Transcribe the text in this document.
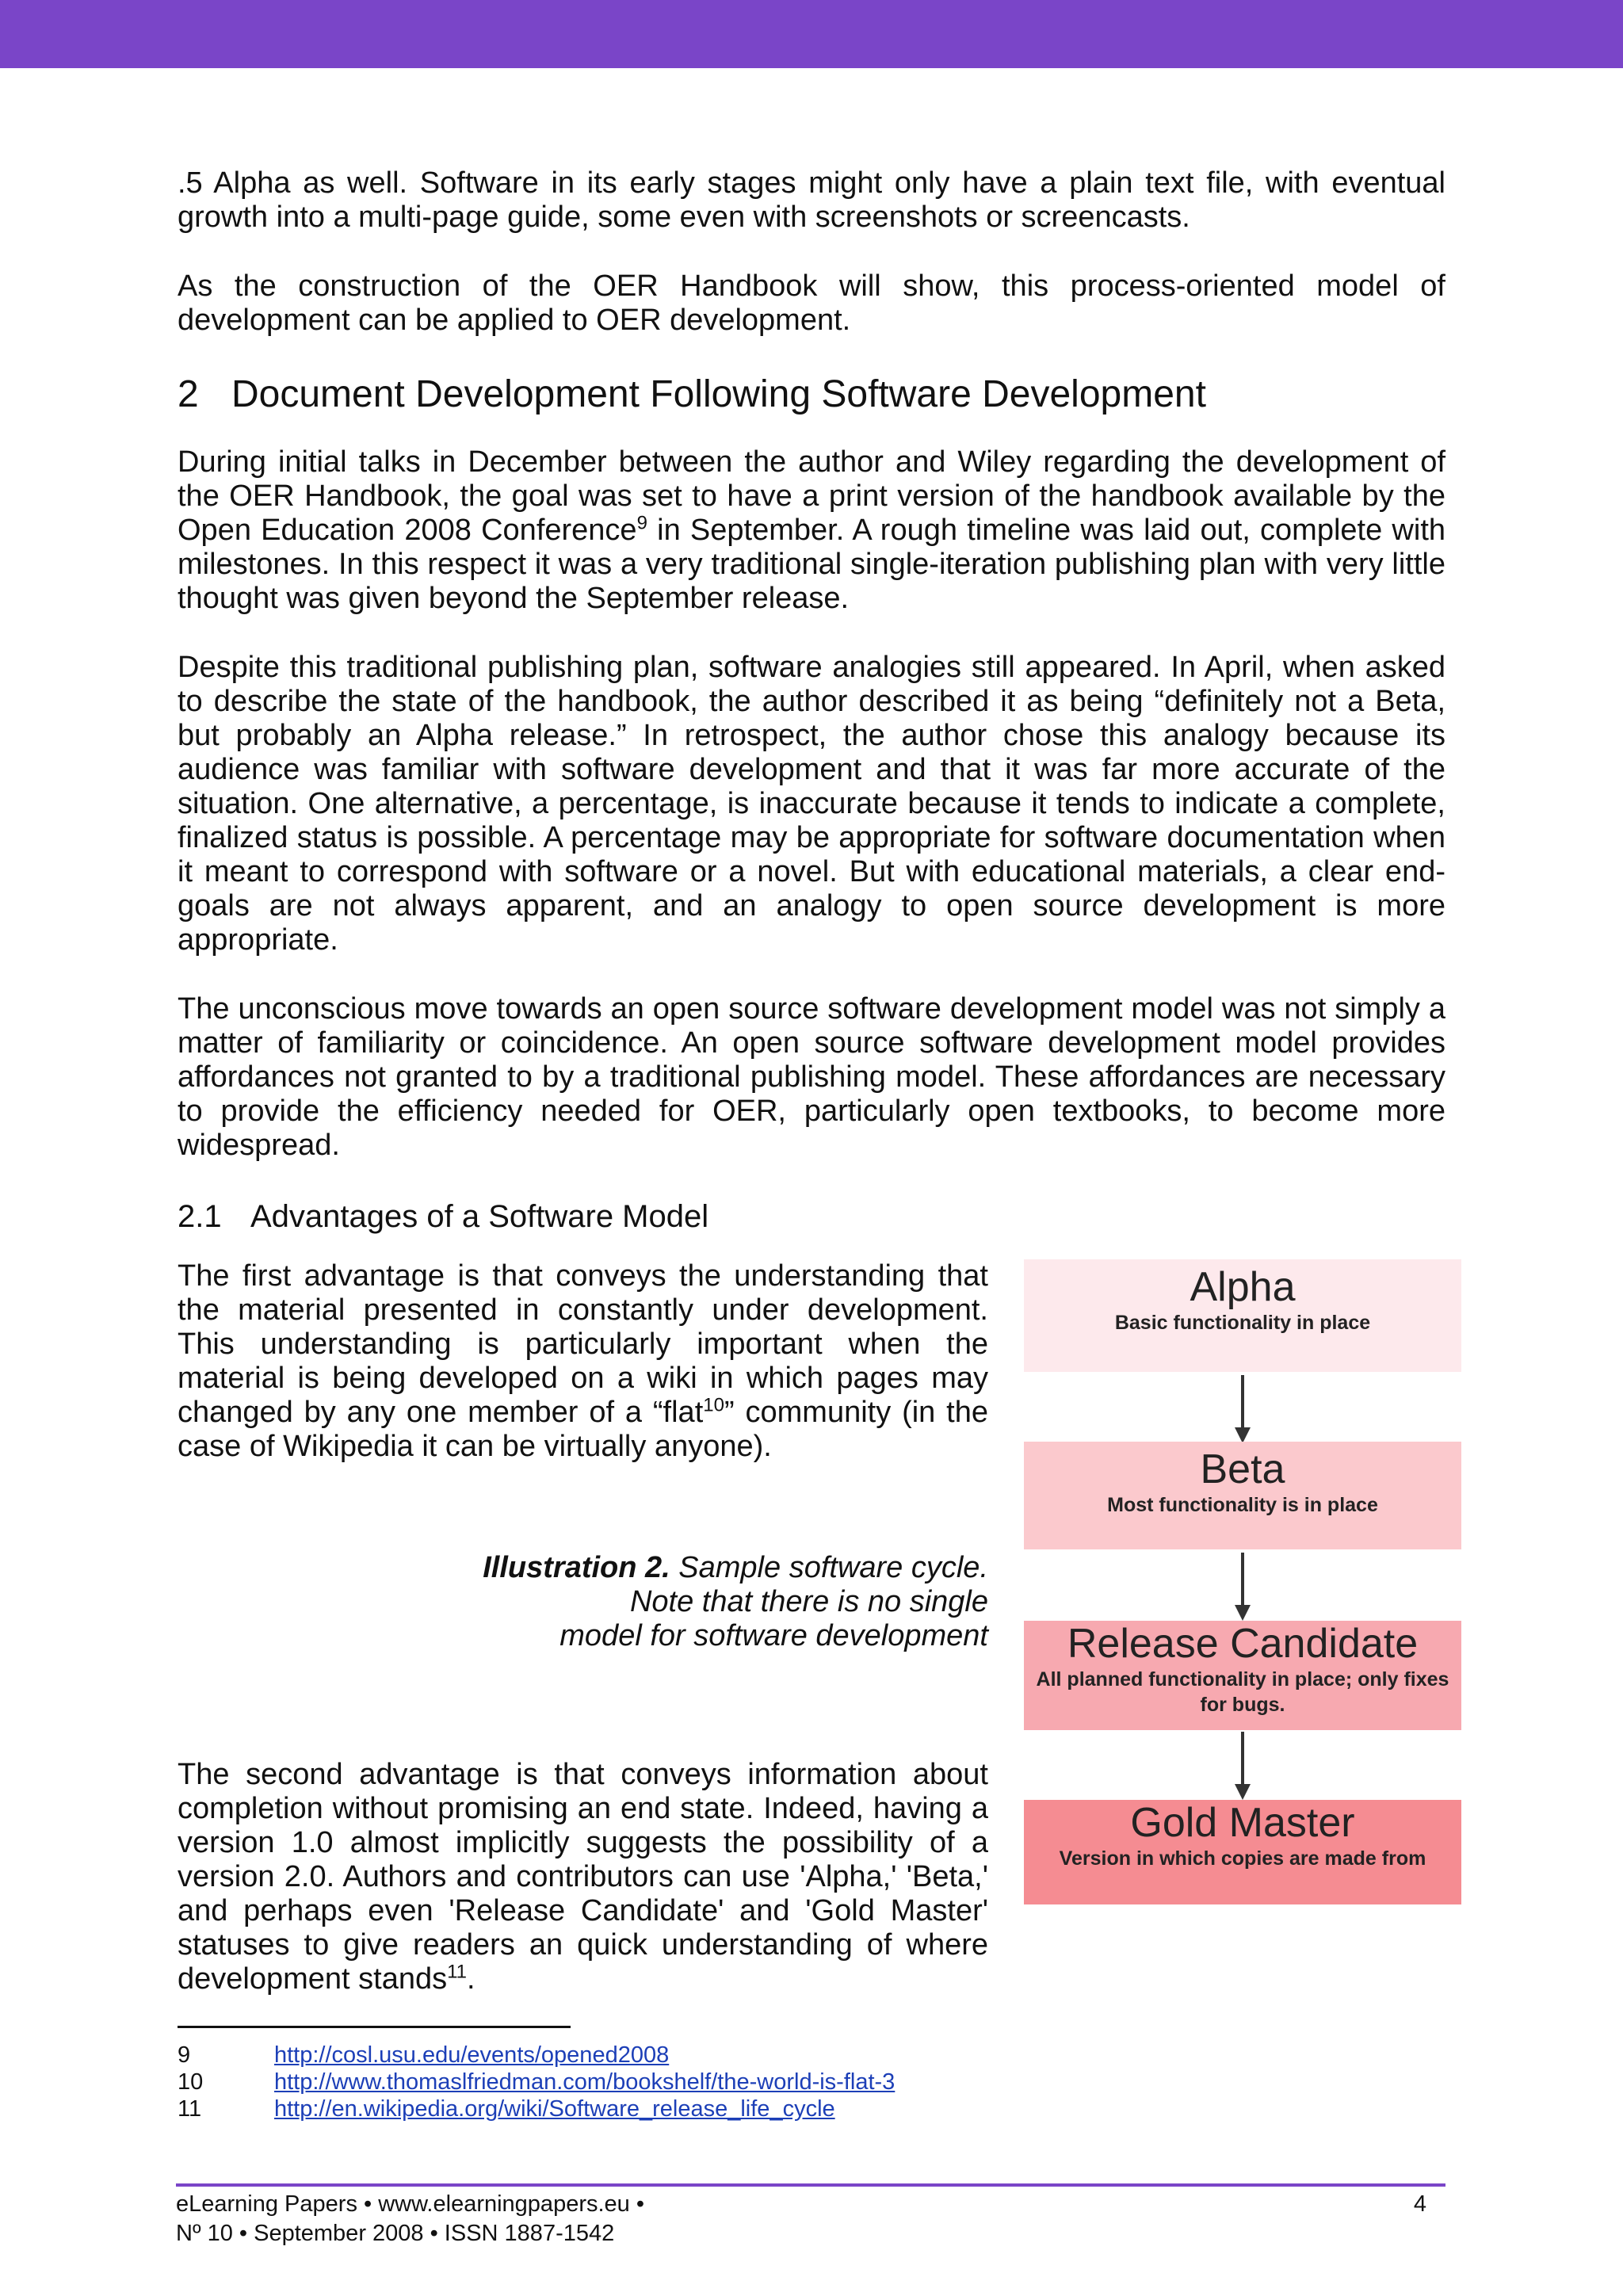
.5 Alpha as well. Software in its early stages might only have a plain text file, with eventual growth into a multi-page guide, some even with screenshots or screencasts.

As the construction of the OER Handbook will show, this process-oriented model of development can be applied to OER development.

2 Document Development Following Software Development

During initial talks in December between the author and Wiley regarding the development of the OER Handbook, the goal was set to have a print version of the handbook available by the Open Education 2008 Conference$^9$ in September. A rough timeline was laid out, complete with milestones. In this respect it was a very traditional single-iteration publishing plan with very little thought was given beyond the September release.

Despite this traditional publishing plan, software analogies still appeared. In April, when asked to describe the state of the handbook, the author described it as being “definitely not a Beta, but probably an Alpha release.” In retrospect, the author chose this analogy because its audience was familiar with software development and that it was far more accurate of the situation. One alternative, a percentage, is inaccurate because it tends to indicate a complete, finalized status is possible. A percentage may be appropriate for software documentation when it meant to correspond with software or a novel. But with educational materials, a clear end-goals are not always apparent, and an analogy to open source development is more appropriate.

The unconscious move towards an open source software development model was not simply a matter of familiarity or coincidence. An open source software development model provides affordances not granted to by a traditional publishing model. These affordances are necessary to provide the efficiency needed for OER, particularly open textbooks, to become more widespread.

2.1 Advantages of a Software Model

The first advantage is that conveys the understanding that the material presented in constantly under development. This understanding is particularly important when the material is being developed on a wiki in which pages may changed by any one member of a “flat$^{10}$” community (in the case of Wikipedia it can be virtually anyone).

Illustration 2. Sample software cycle.
Note that there is no single
model for software development

The second advantage is that conveys information about completion without promising an end state. Indeed, having a version 1.0 almost implicitly suggests the possibility of a version 2.0. Authors and contributors can use 'Alpha,' 'Beta,' and perhaps even 'Release Candidate' and 'Gold Master' statuses to give readers an quick understanding of where development stands$^{11}$.

Alpha
Basic functionality in place
Beta
Most functionality is in place
Release Candidate
All planned functionality in place; only fixes for bugs.
Gold Master
Version in which copies are made from
9	http://cosl.usu.edu/events/opened2008
10	http://www.thomaslfriedman.com/bookshelf/the-world-is-flat-3
11	http://en.wikipedia.org/wiki/Software_release_life_cycle
eLearning Papers • www.elearningpapers.eu •
Nº 10 • September 2008 • ISSN 1887-1542
4
